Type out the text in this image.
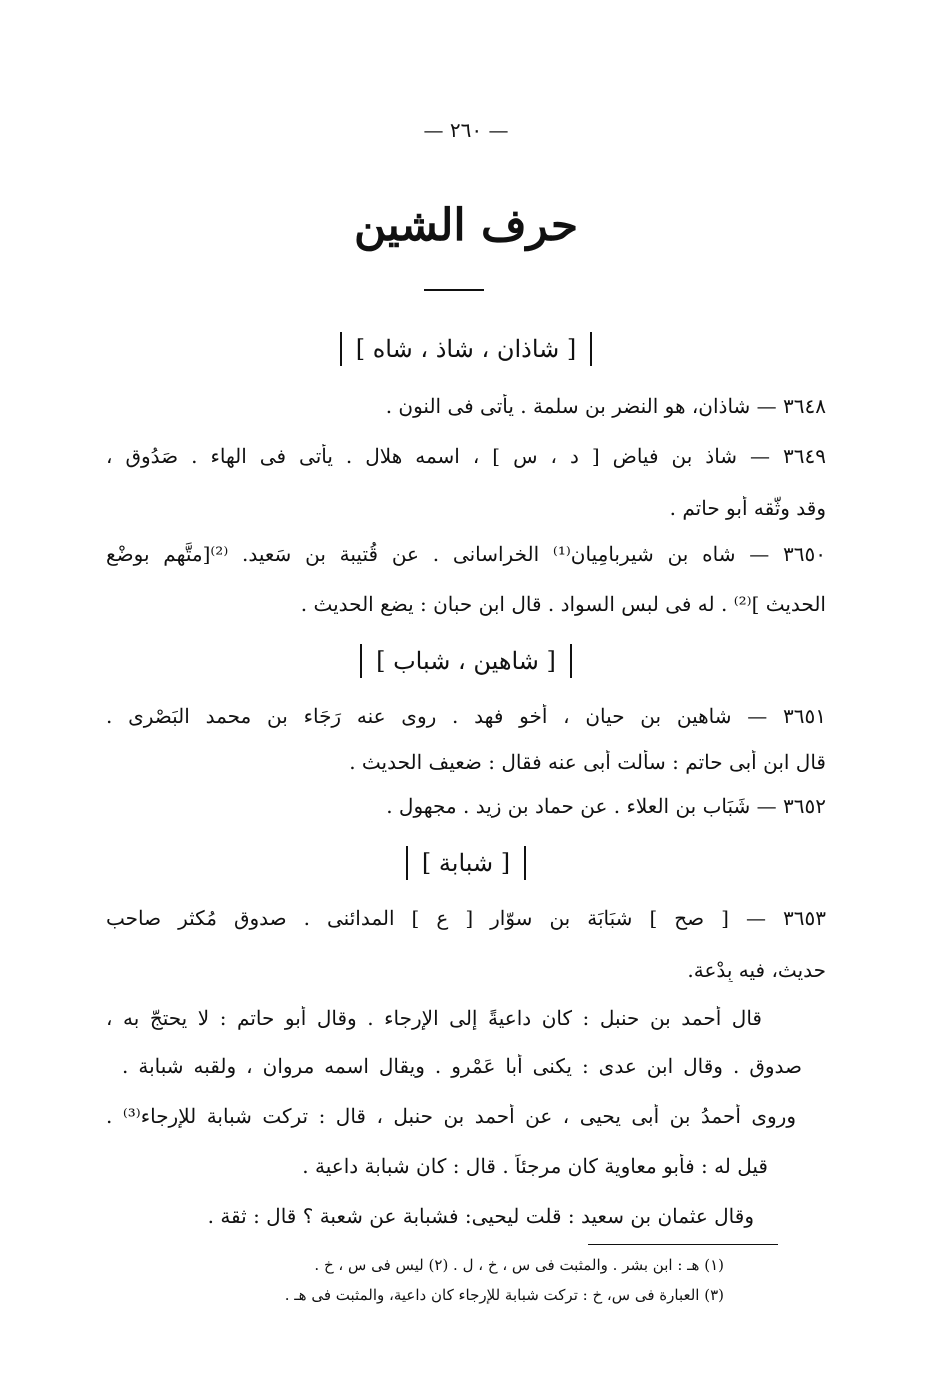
— ٢٦٠ —
حرف الشين
[ شاذان ، شاذ ، شاه ]
٣٦٤٨ — شاذان، هو النضر بن سلمة . يأتى فى النون .
٣٦٤٩ — شاذ بن فياض [ د ، س ] ، اسمه هلال . يأتى فى الهاء . صَدُوق ،
وقد وثَّقه أبو حاتم .
٣٦٥٠ — شاه بن شيربامِيان⁽¹⁾ الخراسانى . عن قُتيبة بن سَعيد. ⁽²⁾[متَّهم بوضْع
الحديث ]⁽²⁾ . له فى لبس السواد . قال ابن حبان : يضع الحديث .
[ شاهين ، شباب ]
٣٦٥١ — شاهين بن حيان ، أخو فهد . روى عنه رَجَاء بن محمد البَصْرى .
قال ابن أبى حاتم : سألت أبى عنه فقال : ضعيف الحديث .
٣٦٥٢ — شَبَاب بن العلاء . عن حماد بن زيد . مجهول .
[ شبابة ]
٣٦٥٣ — [ صح ] شبَابَة بن سوّار [ ع ] المدائنى . صدوق مُكثر صاحب
حديث، فيه بِدْعة.
قال أحمد بن حنبل : كان داعيةً إلى الإرجاء . وقال أبو حاتم : لا يحتجّ به ،
صدوق . وقال ابن عدى : يكنى أبا عَمْرو . ويقال اسمه مروان ، ولقبه شبابة .
وروى أحمدُ بن أبى يحيى ، عن أحمد بن حنبل ، قال : تركت شبابة للإرجاء⁽³⁾ .
قيل له : فأبو معاوية كان مرجئاً . قال : كان شبابة داعية .
وقال عثمان بن سعيد : قلت ليحيى: فشبابة عن شعبة ؟ قال : ثقة .
(١) هـ : ابن بشر . والمثبت فى س ، خ ، ل . (٢) ليس فى س ، خ .
(٣) العبارة فى س، خ : تركت شبابة للإرجاء كان داعية، والمثبت فى هـ .
